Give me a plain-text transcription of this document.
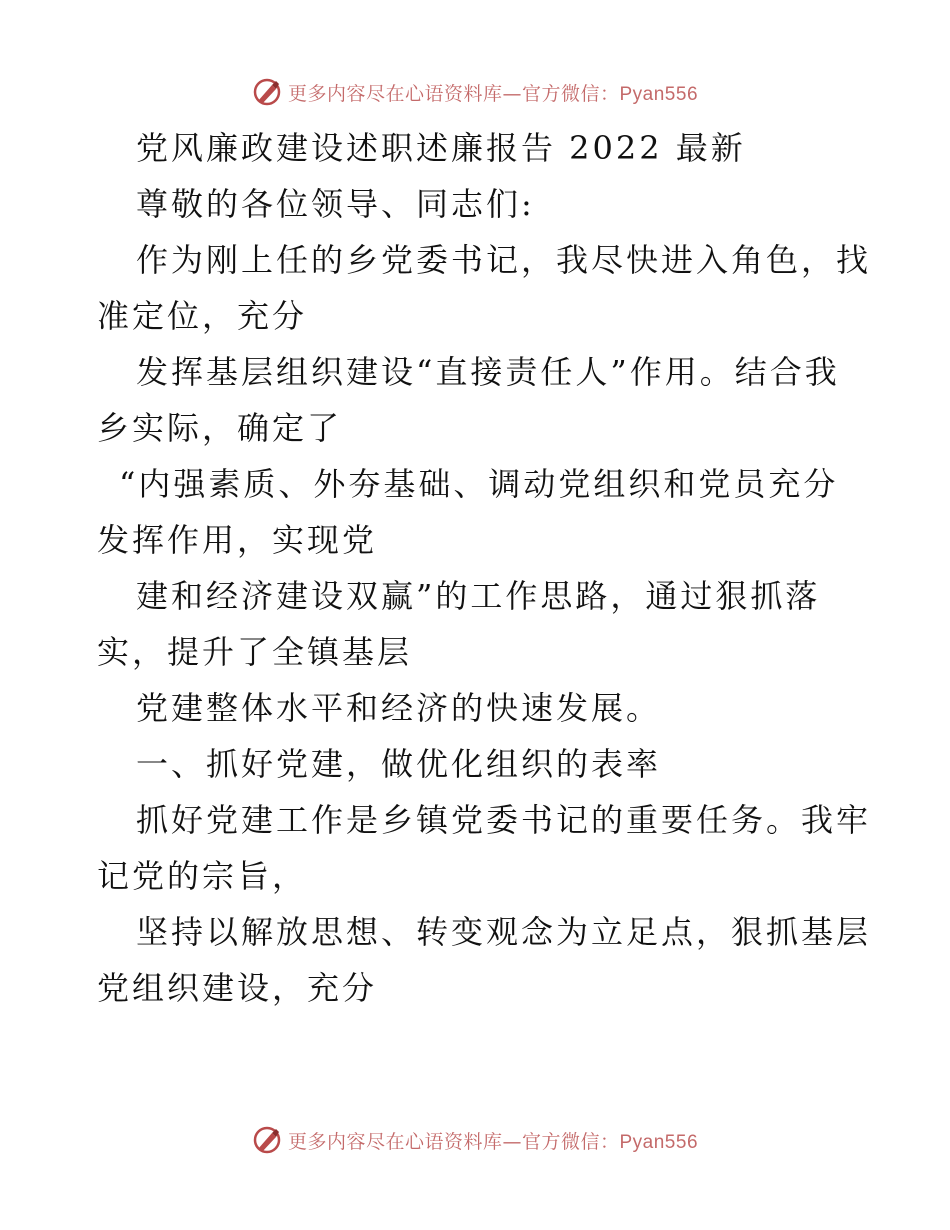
更多内容尽在心语资料库—官方微信：Pyan556
党风廉政建设述职述廉报告 2022 最新
尊敬的各位领导、同志们:
作为刚上任的乡党委书记，我尽快进入角色，找
准定位，充分
发挥基层组织建设“直接责任人”作用。结合我
乡实际，确定了
“内强素质、外夯基础、调动党组织和党员充分
发挥作用，实现党
建和经济建设双赢”的工作思路，通过狠抓落
实，提升了全镇基层
党建整体水平和经济的快速发展。
一、抓好党建，做优化组织的表率
抓好党建工作是乡镇党委书记的重要任务。我牢
记党的宗旨，
坚持以解放思想、转变观念为立足点，狠抓基层
党组织建设，充分
更多内容尽在心语资料库—官方微信：Pyan556
